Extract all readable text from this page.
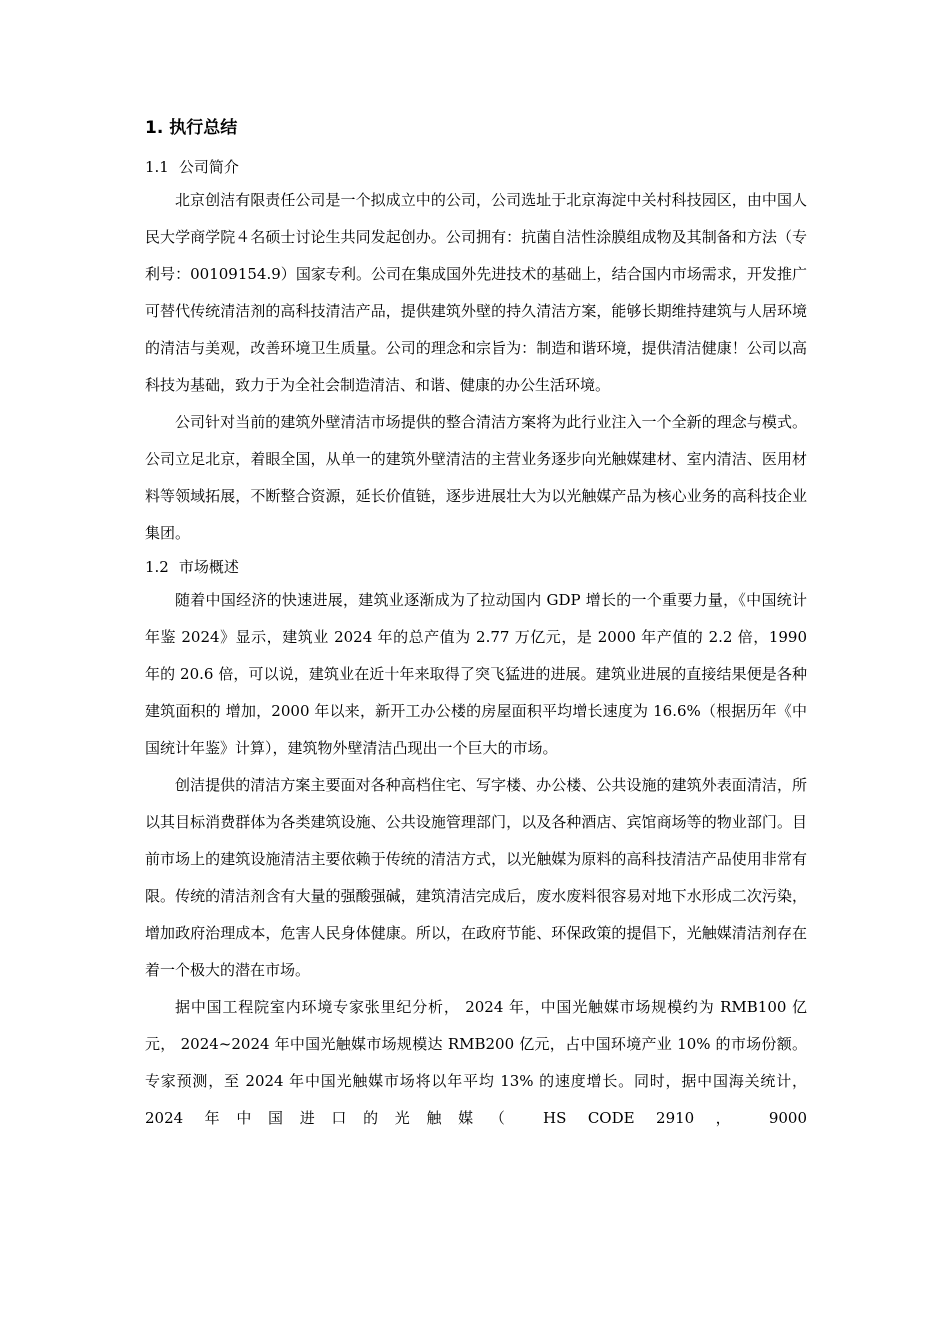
1. 执行总结
1.1 公司简介

北京创洁有限责任公司是一个拟成立中的公司，公司选址于北京海淀中关村科技园区，由中国人民大学商学院４名硕士讨论生共同发起创办。公司拥有：抗菌自洁性涂膜组成物及其制备和方法（专利号：00109154.9）国家专利。公司在集成国外先进技术的基础上，结合国内市场需求，开发推广可替代传统清洁剂的高科技清洁产品，提供建筑外壁的持久清洁方案，能够长期维持建筑与人居环境的清洁与美观，改善环境卫生质量。公司的理念和宗旨为：制造和谐环境，提供清洁健康！公司以高科技为基础，致力于为全社会制造清洁、和谐、健康的办公生活环境。

公司针对当前的建筑外壁清洁市场提供的整合清洁方案将为此行业注入一个全新的理念与模式。公司立足北京，着眼全国，从单一的建筑外壁清洁的主营业务逐步向光触媒建材、室内清洁、医用材料等领域拓展，不断整合资源，延长价值链，逐步进展壮大为以光触媒产品为核心业务的高科技企业集团。

1.2 市场概述

随着中国经济的快速进展，建筑业逐渐成为了拉动国内 GDP 增长的一个重要力量，《中国统计年鉴 2024》显示，建筑业 2024 年的总产值为 2.77 万亿元，是 2000 年产值的 2.2 倍，1990 年的 20.6 倍，可以说，建筑业在近十年来取得了突飞猛进的进展。建筑业进展的直接结果便是各种建筑面积的 增加，2000 年以来，新开工办公楼的房屋面积平均增长速度为 16.6%（根据历年《中国统计年鉴》计算），建筑物外壁清洁凸现出一个巨大的市场。

创洁提供的清洁方案主要面对各种高档住宅、写字楼、办公楼、公共设施的建筑外表面清洁，所以其目标消费群体为各类建筑设施、公共设施管理部门，以及各种酒店、宾馆商场等的物业部门。目前市场上的建筑设施清洁主要依赖于传统的清洁方式，以光触媒为原料的高科技清洁产品使用非常有限。传统的清洁剂含有大量的强酸强碱，建筑清洁完成后，废水废料很容易对地下水形成二次污染，增加政府治理成本，危害人民身体健康。所以，在政府节能、环保政策的提倡下，光触媒清洁剂存在着一个极大的潜在市场。

据中国工程院室内环境专家张里纪分析， 2024 年，中国光触媒市场规模约为 RMB100 亿元， 2024~2024 年中国光触媒市场规模达 RMB200 亿元，占中国环境产业 10% 的市场份额。专家预测，至 2024 年中国光触媒市场将以年平均 13% 的速度增长。同时，据中国海关统计， 2024 年中国进口的光触媒（ HS CODE 2910 ， 9000
